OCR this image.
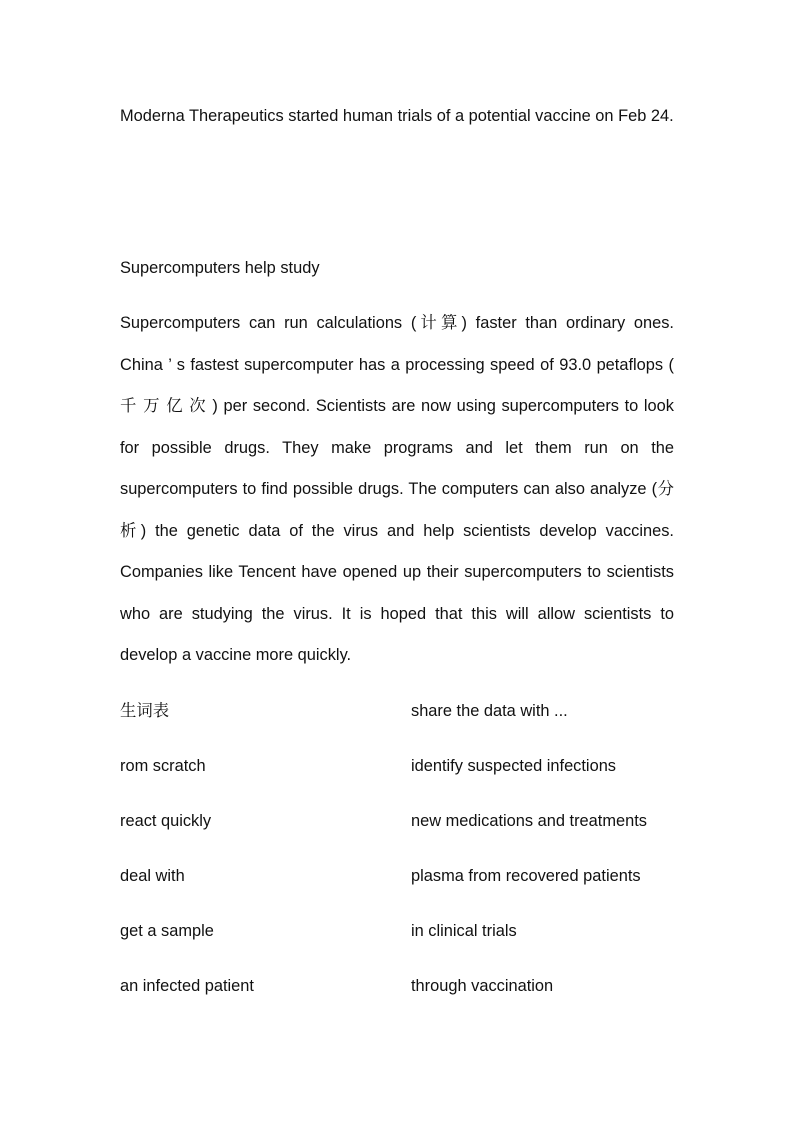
Moderna Therapeutics started human trials of a potential vaccine on Feb 24.

Supercomputers help study

Supercomputers can run calculations (计算) faster than ordinary ones. China ’ s fastest supercomputer has a processing speed of 93.0 petaflops ( 千 万 亿 次 ) per second. Scientists are now using supercomputers to look for possible drugs. They make programs and let them run on the supercomputers to find possible drugs. The computers can also analyze (分析) the genetic data of the virus and help scientists develop vaccines. Companies like Tencent have opened up their supercomputers to scientists who are studying the virus. It is hoped that this will allow scientists to develop a vaccine more quickly.

生词表	share the data with ...
rom scratch	identify suspected infections
react quickly	new medications and treatments
deal with	plasma from recovered patients
get a sample	in clinical trials
an infected patient	through vaccination
